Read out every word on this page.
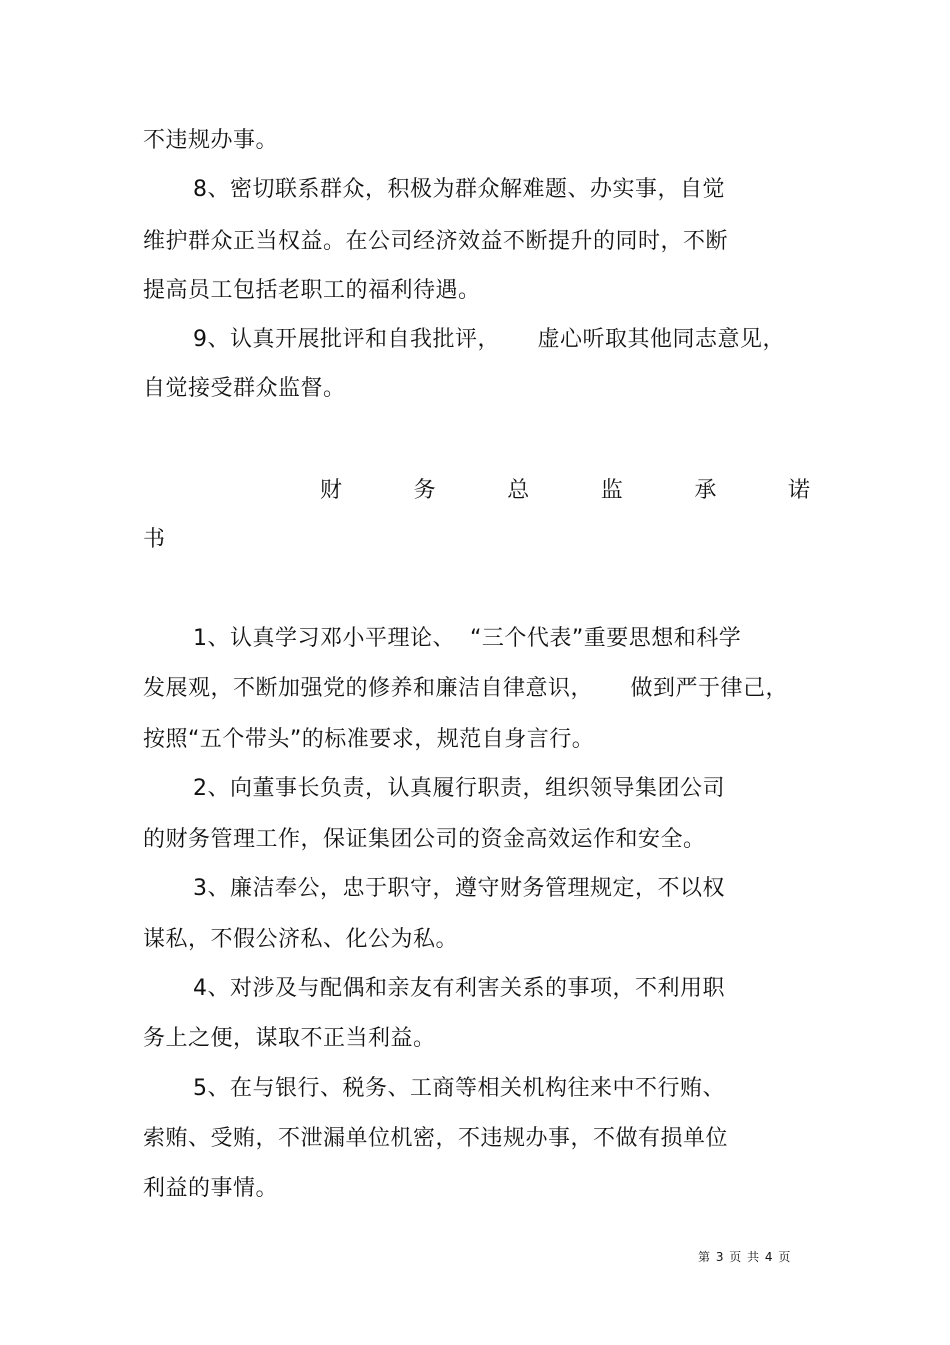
不违规办事。
8、密切联系群众，积极为群众解难题、办实事，自觉
维护群众正当权益。在公司经济效益不断提升的同时，不断
提高员工包括老职工的福利待遇。
9、认真开展批评和自我批评，     虚心听取其他同志意见，
自觉接受群众监督。
财	务	总	监	承	诺
书
1、认真学习邓小平理论、  “三个代表”重要思想和科学
发展观，不断加强党的修养和廉洁自律意识，     做到严于律己，
按照“五个带头”的标准要求，规范自身言行。
2、向董事长负责，认真履行职责，组织领导集团公司
的财务管理工作，保证集团公司的资金高效运作和安全。
3、廉洁奉公，忠于职守，遵守财务管理规定，不以权
谋私，不假公济私、化公为私。
4、对涉及与配偶和亲友有利害关系的事项，不利用职
务上之便，谋取不正当利益。
5、在与银行、税务、工商等相关机构往来中不行贿、
索贿、受贿，不泄漏单位机密，不违规办事，不做有损单位
利益的事情。
第 3 页 共 4 页
